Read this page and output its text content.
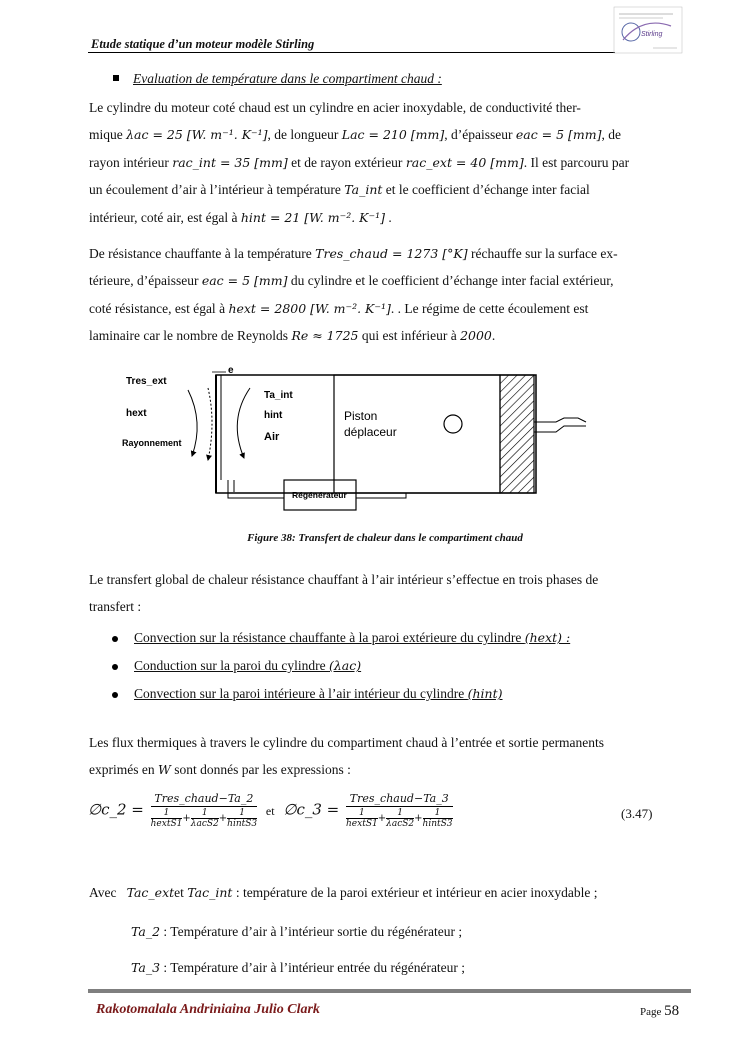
Etude statique d’un moteur modèle Stirling
Stirling
Evaluation de température dans le compartiment chaud :
Le cylindre du moteur coté chaud est un cylindre en acier inoxydable, de conductivité ther-
mique λac = 25 [W. m⁻¹. K⁻¹], de longueur Lac = 210 [mm], d’épaisseur eac = 5 [mm], de
rayon intérieur rac_int = 35 [mm] et de rayon extérieur rac_ext = 40 [mm]. Il est parcouru par
un écoulement d’air à l’intérieur à température Ta_int et le coefficient d’échange inter facial
intérieur, coté air, est égal à hint = 21 [W. m⁻². K⁻¹] .
De résistance chauffante à la température Tres_chaud = 1273 [°K] réchauffe sur la surface ex-
térieure, d’épaisseur eac = 5 [mm] du cylindre et le coefficient d’échange inter facial extérieur,
coté résistance, est égal à hext = 2800 [W. m⁻². K⁻¹]. . Le régime de cette écoulement est
laminaire car le nombre de Reynolds Re ≈ 1725 qui est inférieur à 2000.
e
Tres_ext
hext
Rayonnement
Ta_int
hint
Air
Piston
déplaceur
Régénérateur
Figure 38: Transfert de chaleur dans le compartiment chaud
Le transfert global de chaleur résistance chauffant à l’air intérieur s’effectue en trois phases de
transfert :
Convection sur la résistance chauffante à la paroi extérieure du cylindre (hext) :
Conduction sur la paroi du cylindre (λac)
Convection sur la paroi intérieure à l’air intérieur du cylindre (hint)
Les flux thermiques à travers le cylindre du compartiment chaud à l’entrée et sortie permanents
exprimés en W sont donnés par les expressions :
∅c_2 = $\frac{\text{Tres\_chaud−Ta\_2}}{\frac{1}{\text{hextS1}} + \frac{1}{\text{λacS2}} + \frac{1}{\text{hintS3}}}$ et ∅c_3 = $\frac{\text{Tres\_chaud−Ta\_3}}{\frac{1}{\text{hextS1}} + \frac{1}{\text{λacS2}} + \frac{1}{\text{hintS3}}}$	(3.47)
Avec Tac_extet Tac_int : température de la paroi extérieur et intérieur en acier inoxydable ;
Ta_2 : Température d’air à l’intérieur sortie du régénérateur ;
Ta_3 : Température d’air à l’intérieur entrée du régénérateur ;
Rakotomalala Andriniaina Julio Clark	Page 58
